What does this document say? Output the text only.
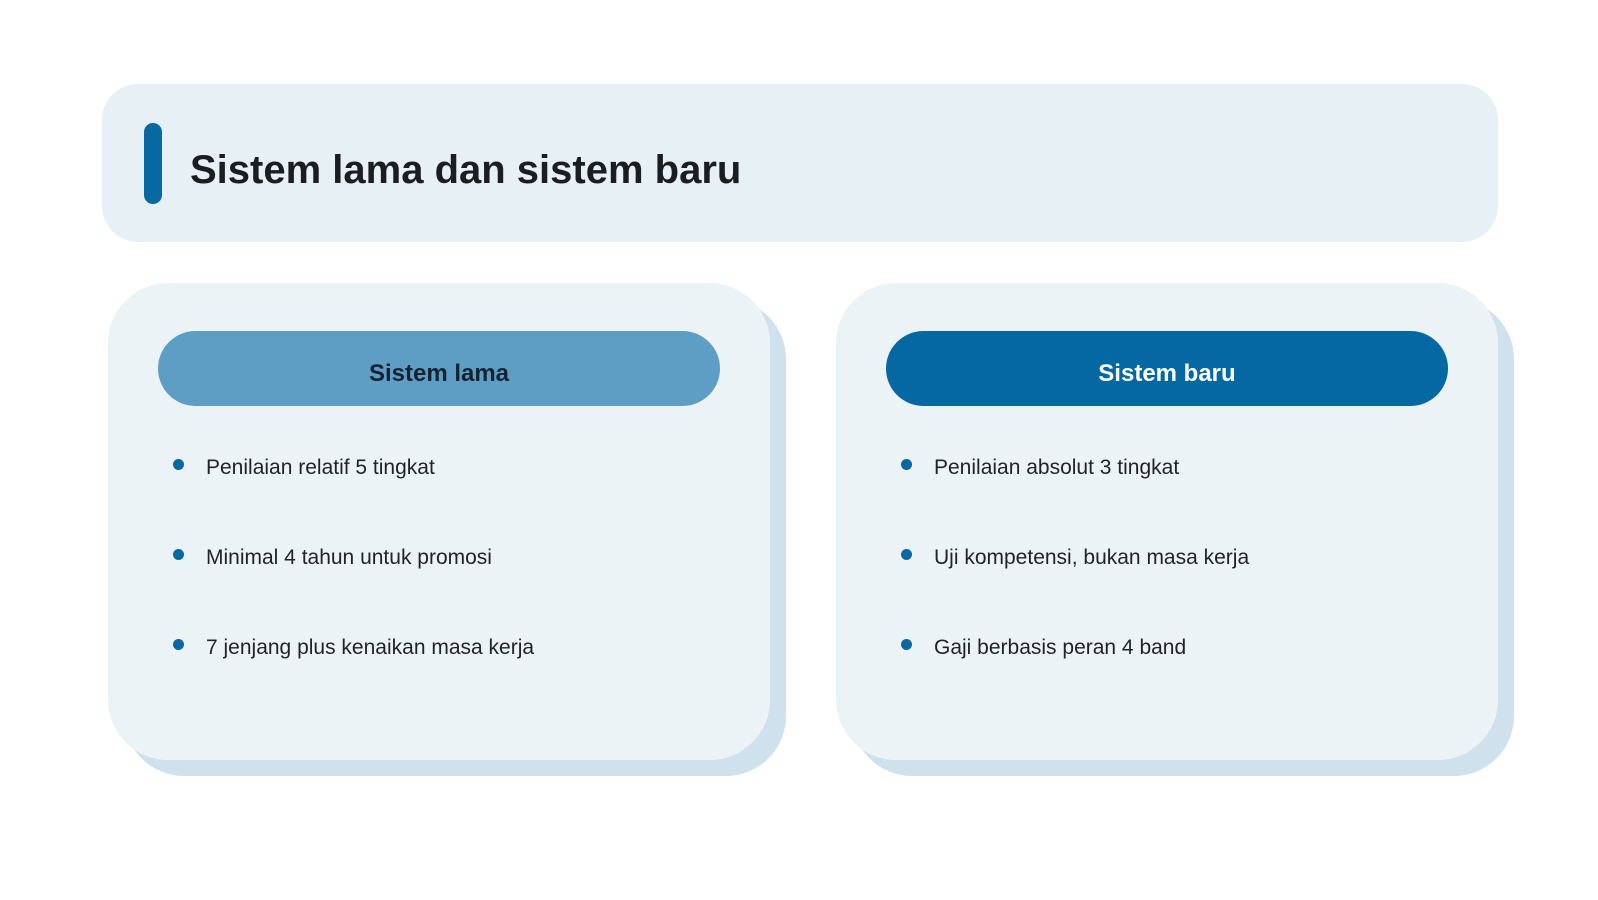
Sistem lama dan sistem baru
Sistem lama
Penilaian relatif 5 tingkat
Minimal 4 tahun untuk promosi
7 jenjang plus kenaikan masa kerja
Sistem baru
Penilaian absolut 3 tingkat
Uji kompetensi, bukan masa kerja
Gaji berbasis peran 4 band
